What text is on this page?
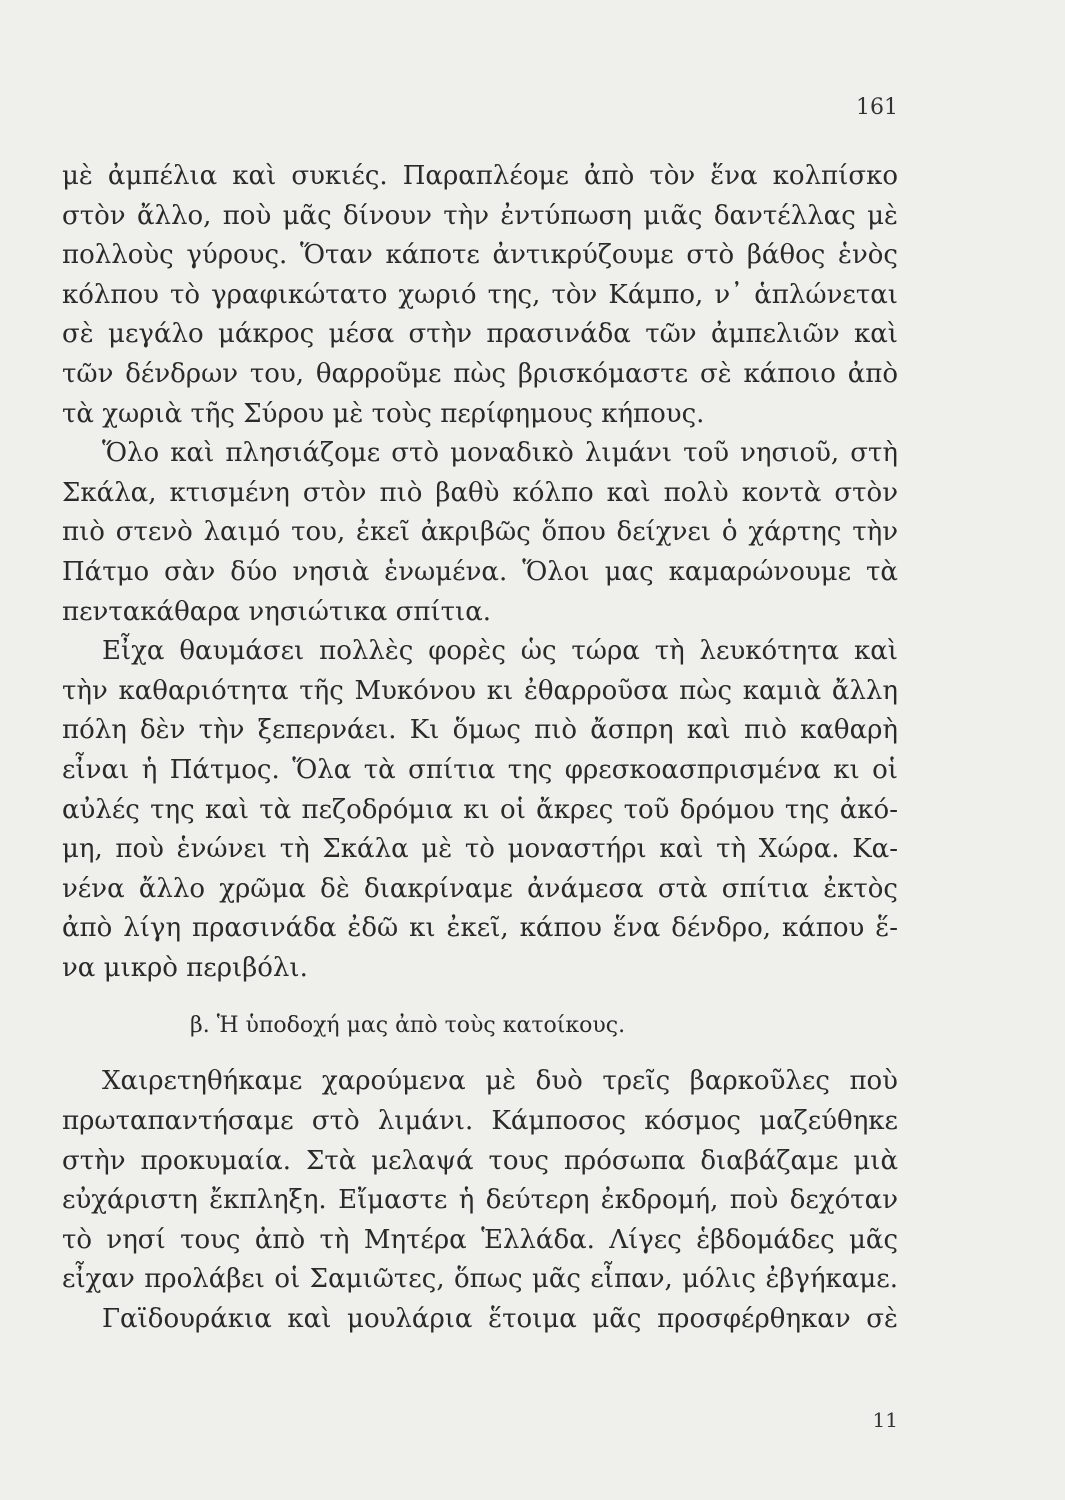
161
μὲ ἀμπέλια καὶ συκιές. Παραπλέομε ἀπὸ τὸν ἕνα κολπίσκο
στὸν ἄλλο, ποὺ μᾶς δίνουν τὴν ἐντύπωση μιᾶς δαντέλλας μὲ
πολλοὺς γύρους. Ὅταν κάποτε ἀντικρύζουμε στὸ βάθος ἑνὸς
κόλπου τὸ γραφικώτατο χωριό της, τὸν Κάμπο, ν᾿ ἁπλώνεται
σὲ μεγάλο μάκρος μέσα στὴν πρασινάδα τῶν ἀμπελιῶν καὶ
τῶν δένδρων του, θαρροῦμε πὼς βρισκόμαστε σὲ κάποιο ἀπὸ
τὰ χωριὰ τῆς Σύρου μὲ τοὺς περίφημους κήπους.
Ὅλο καὶ πλησιάζομε στὸ μοναδικὸ λιμάνι τοῦ νησιοῦ, στὴ
Σκάλα, κτισμένη στὸν πιὸ βαθὺ κόλπο καὶ πολὺ κοντὰ στὸν
πιὸ στενὸ λαιμό του, ἐκεῖ ἀκριβῶς ὅπου δείχνει ὁ χάρτης τὴν
Πάτμο σὰν δύο νησιὰ ἑνωμένα. Ὅλοι μας καμαρώνουμε τὰ
πεντακάθαρα νησιώτικα σπίτια.
Εἶχα θαυμάσει πολλὲς φορὲς ὡς τώρα τὴ λευκότητα καὶ
τὴν καθαριότητα τῆς Μυκόνου κι ἐθαρροῦσα πὼς καμιὰ ἄλλη
πόλη δὲν τὴν ξεπερνάει. Κι ὅμως πιὸ ἄσπρη καὶ πιὸ καθαρὴ
εἶναι ἡ Πάτμος. Ὅλα τὰ σπίτια της φρεσκοασπρισμένα κι οἱ
αὐλές της καὶ τὰ πεζοδρόμια κι οἱ ἄκρες τοῦ δρόμου της ἀκό-
μη, ποὺ ἑνώνει τὴ Σκάλα μὲ τὸ μοναστήρι καὶ τὴ Χώρα. Κα-
νένα ἄλλο χρῶμα δὲ διακρίναμε ἀνάμεσα στὰ σπίτια ἐκτὸς
ἀπὸ λίγη πρασινάδα ἐδῶ κι ἐκεῖ, κάπου ἕνα δένδρο, κάπου ἕ-
να μικρὸ περιβόλι.
β. Ἡ ὑποδοχή μας ἀπὸ τοὺς κατοίκους.
Χαιρετηθήκαμε χαρούμενα μὲ δυὸ τρεῖς βαρκοῦλες ποὺ
πρωταπαντήσαμε στὸ λιμάνι. Κάμποσος κόσμος μαζεύθηκε
στὴν προκυμαία. Στὰ μελαψά τους πρόσωπα διαβάζαμε μιὰ
εὐχάριστη ἔκπληξη. Εἴμαστε ἡ δεύτερη ἐκδρομή, ποὺ δεχόταν
τὸ νησί τους ἀπὸ τὴ Μητέρα Ἑλλάδα. Λίγες ἑβδομάδες μᾶς
εἶχαν προλάβει οἱ Σαμιῶτες, ὅπως μᾶς εἶπαν, μόλις ἐβγήκαμε.
Γαϊδουράκια καὶ μουλάρια ἕτοιμα μᾶς προσφέρθηκαν σὲ
11
